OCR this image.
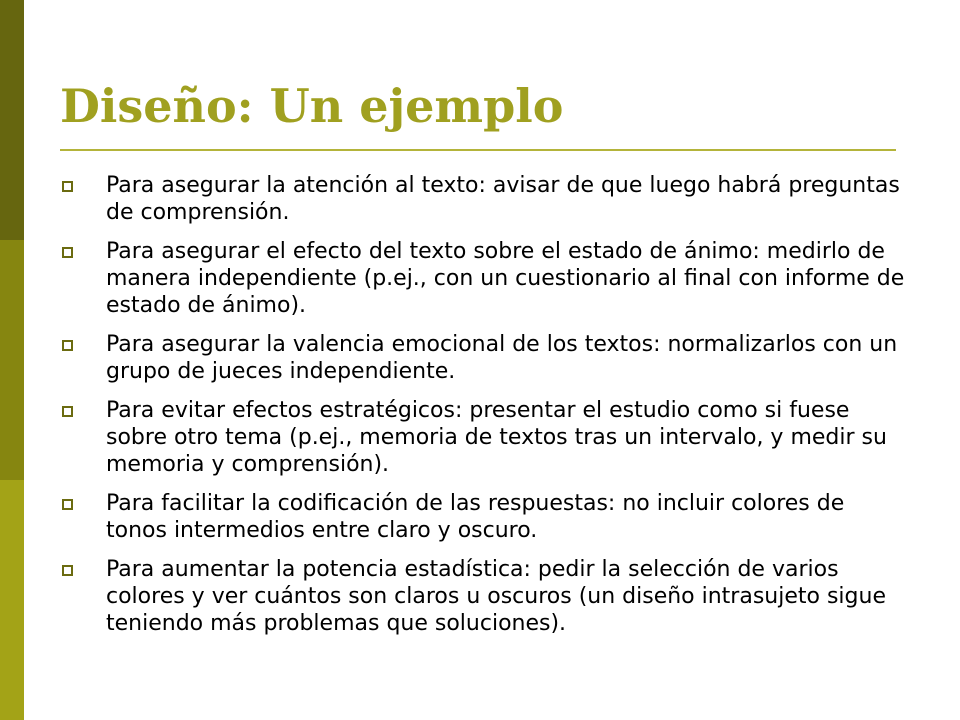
Diseño: Un ejemplo
Para asegurar la atención al texto: avisar de que luego habrá preguntas de comprensión.
Para asegurar el efecto del texto sobre el estado de ánimo: medirlo de manera independiente (p.ej., con un cuestionario al final con informe de estado de ánimo).
Para asegurar la valencia emocional de los textos: normalizarlos con un grupo de jueces independiente.
Para evitar efectos estratégicos: presentar el estudio como si fuese sobre otro tema (p.ej., memoria de textos tras un intervalo, y medir su memoria y comprensión).
Para facilitar la codificación de las respuestas: no incluir colores de tonos intermedios entre claro y oscuro.
Para aumentar la potencia estadística: pedir la selección de varios colores y ver cuántos son claros u oscuros (un diseño intrasujeto sigue teniendo más problemas que soluciones).
